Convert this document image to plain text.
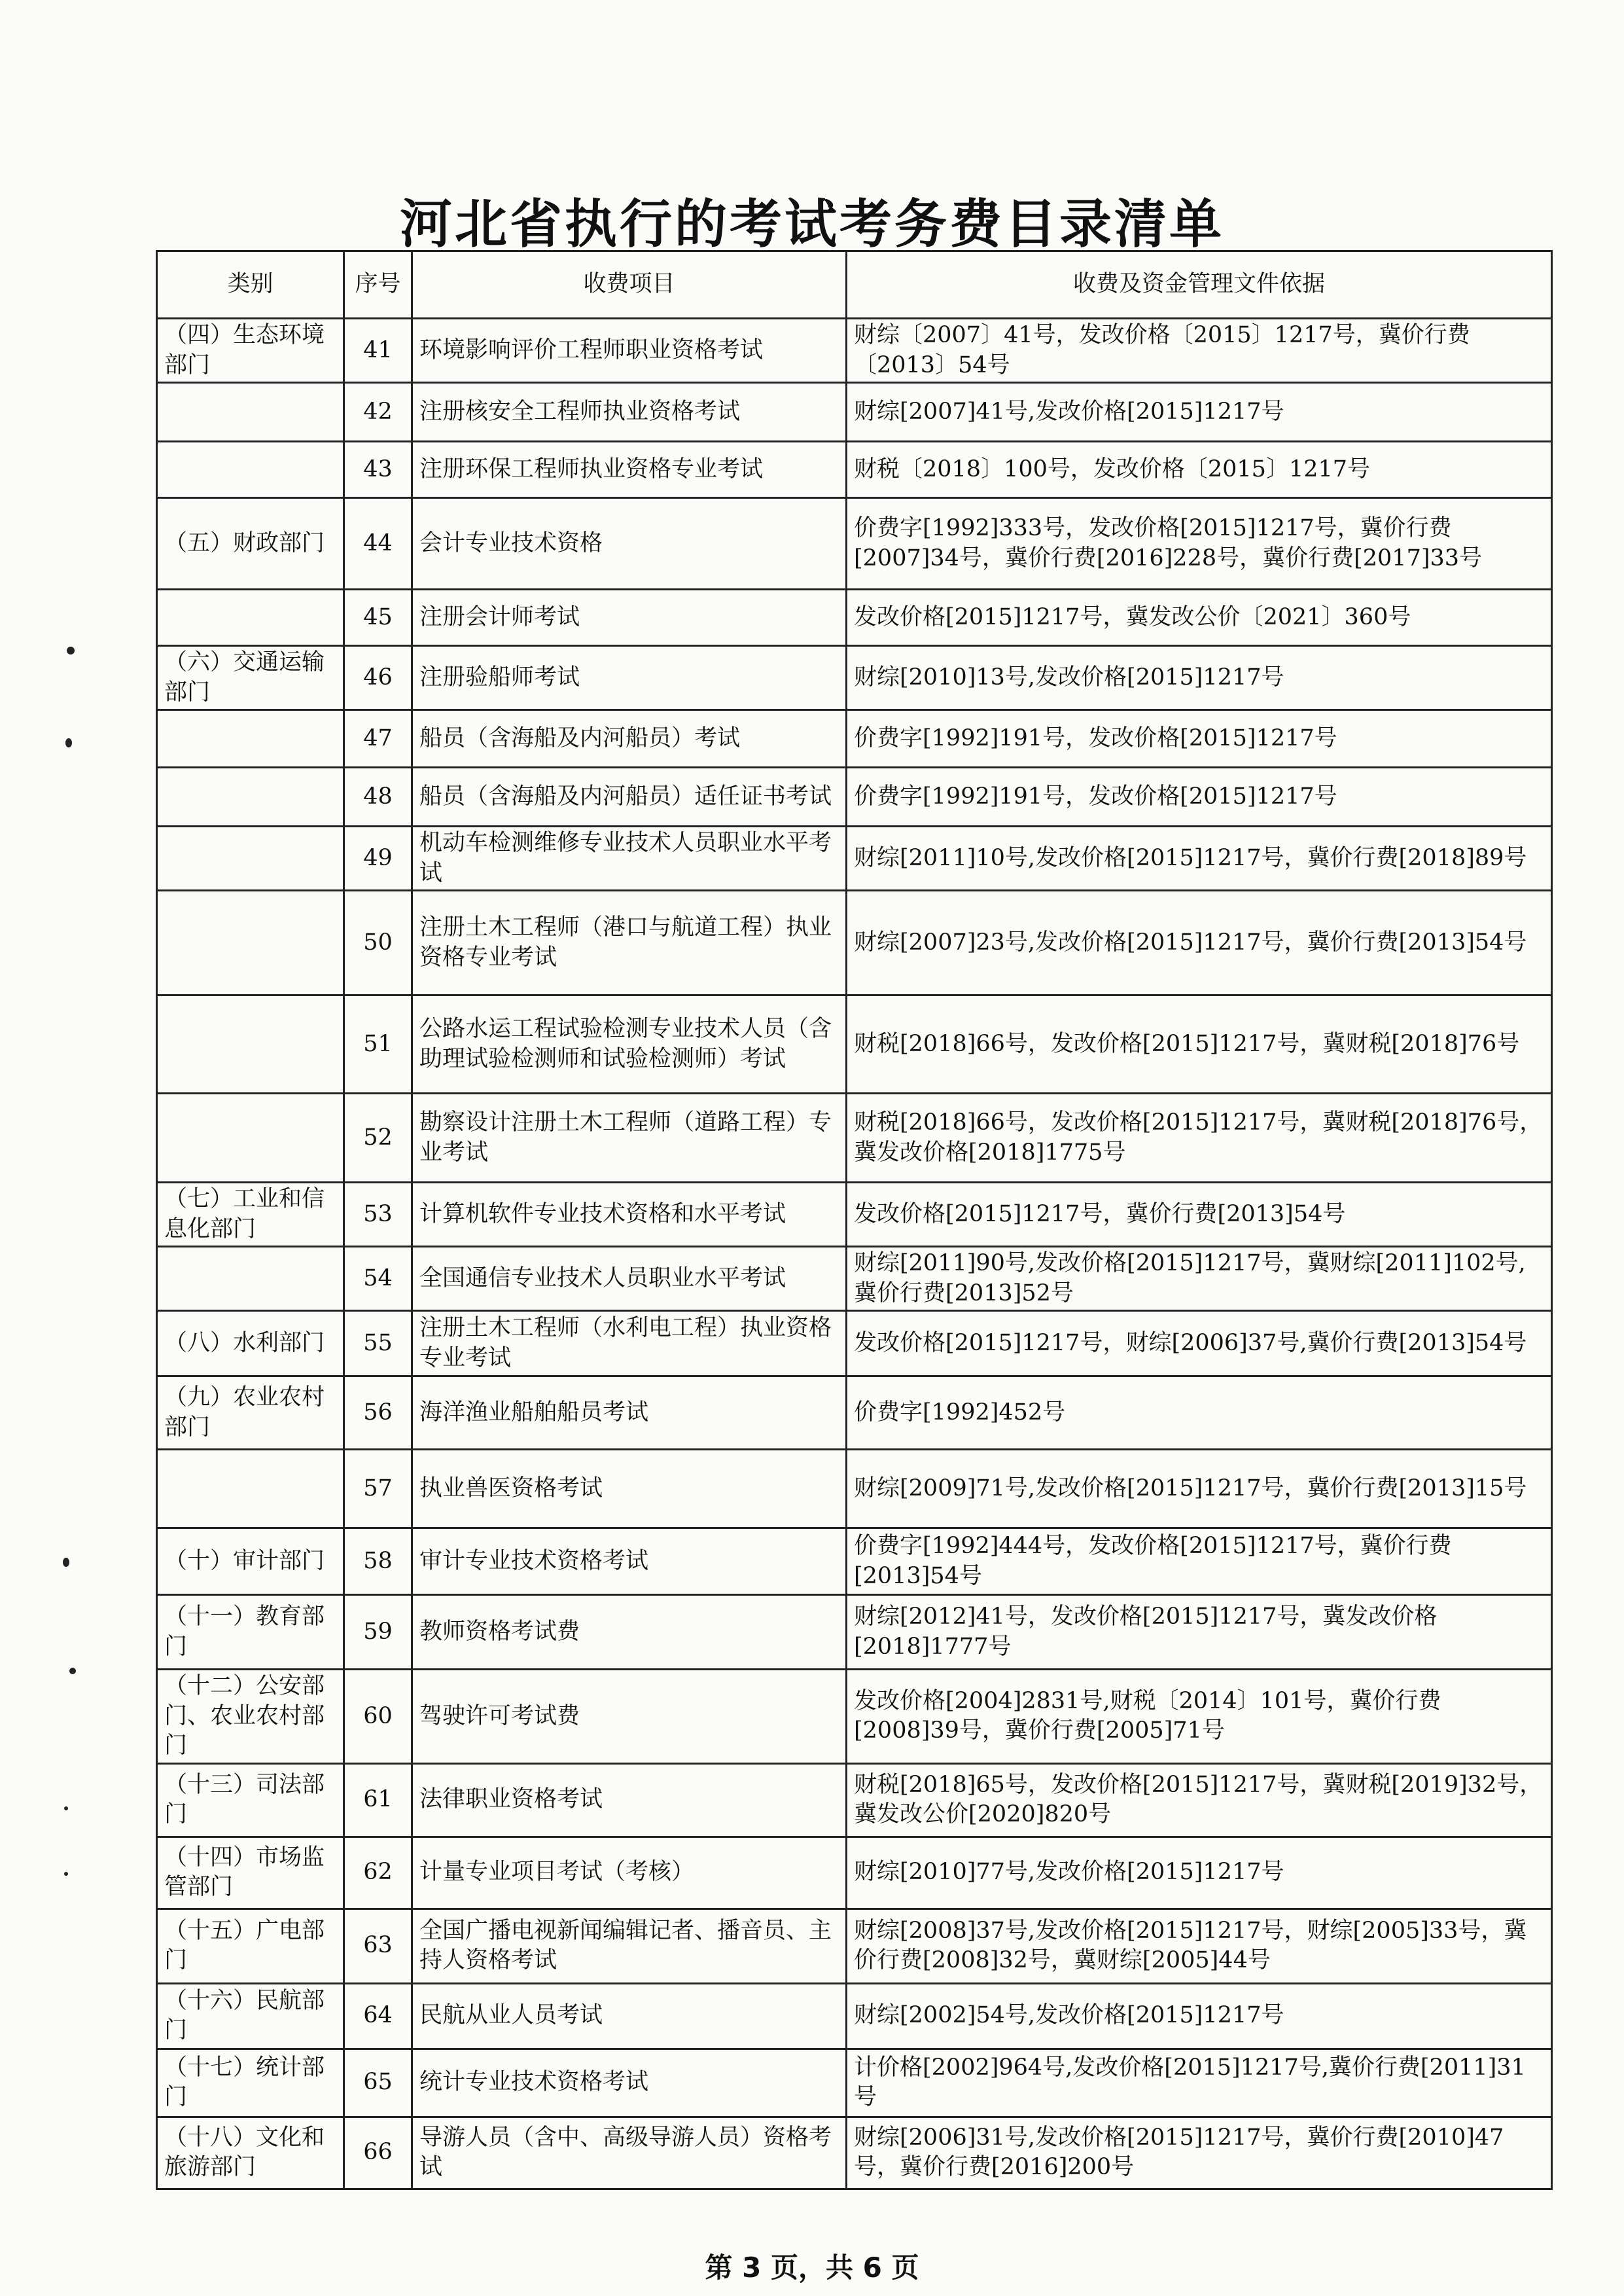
河北省执行的考试考务费目录清单
类别	序号	收费项目	收费及资金管理文件依据
（四）生态环境部门	41	环境影响评价工程师职业资格考试	财综〔2007〕41号，发改价格〔2015〕1217号，冀价行费〔2013〕54号
	42	注册核安全工程师执业资格考试	财综[2007]41号,发改价格[2015]1217号
	43	注册环保工程师执业资格专业考试	财税〔2018〕100号，发改价格〔2015〕1217号
（五）财政部门	44	会计专业技术资格	价费字[1992]333号，发改价格[2015]1217号，冀价行费[2007]34号，冀价行费[2016]228号，冀价行费[2017]33号
	45	注册会计师考试	发改价格[2015]1217号，冀发改公价〔2021〕360号
（六）交通运输部门	46	注册验船师考试	财综[2010]13号,发改价格[2015]1217号
	47	船员（含海船及内河船员）考试	价费字[1992]191号，发改价格[2015]1217号
	48	船员（含海船及内河船员）适任证书考试	价费字[1992]191号，发改价格[2015]1217号
	49	机动车检测维修专业技术人员职业水平考试	财综[2011]10号,发改价格[2015]1217号，冀价行费[2018]89号
	50	注册土木工程师（港口与航道工程）执业资格专业考试	财综[2007]23号,发改价格[2015]1217号，冀价行费[2013]54号
	51	公路水运工程试验检测专业技术人员（含助理试验检测师和试验检测师）考试	财税[2018]66号，发改价格[2015]1217号，冀财税[2018]76号
	52	勘察设计注册土木工程师（道路工程）专业考试	财税[2018]66号，发改价格[2015]1217号，冀财税[2018]76号，冀发改价格[2018]1775号
（七）工业和信息化部门	53	计算机软件专业技术资格和水平考试	发改价格[2015]1217号，冀价行费[2013]54号
	54	全国通信专业技术人员职业水平考试	财综[2011]90号,发改价格[2015]1217号，冀财综[2011]102号,冀价行费[2013]52号
（八）水利部门	55	注册土木工程师（水利电工程）执业资格专业考试	发改价格[2015]1217号，财综[2006]37号,冀价行费[2013]54号
（九）农业农村部门	56	海洋渔业船舶船员考试	价费字[1992]452号
	57	执业兽医资格考试	财综[2009]71号,发改价格[2015]1217号，冀价行费[2013]15号
（十）审计部门	58	审计专业技术资格考试	价费字[1992]444号，发改价格[2015]1217号，冀价行费[2013]54号
（十一）教育部门	59	教师资格考试费	财综[2012]41号，发改价格[2015]1217号，冀发改价格[2018]1777号
（十二）公安部门、农业农村部门	60	驾驶许可考试费	发改价格[2004]2831号,财税〔2014〕101号，冀价行费[2008]39号，冀价行费[2005]71号
（十三）司法部门	61	法律职业资格考试	财税[2018]65号，发改价格[2015]1217号，冀财税[2019]32号，冀发改公价[2020]820号
（十四）市场监管部门	62	计量专业项目考试（考核）	财综[2010]77号,发改价格[2015]1217号
（十五）广电部门	63	全国广播电视新闻编辑记者、播音员、主持人资格考试	财综[2008]37号,发改价格[2015]1217号，财综[2005]33号，冀价行费[2008]32号，冀财综[2005]44号
（十六）民航部门	64	民航从业人员考试	财综[2002]54号,发改价格[2015]1217号
（十七）统计部门	65	统计专业技术资格考试	计价格[2002]964号,发改价格[2015]1217号,冀价行费[2011]31号
（十八）文化和旅游部门	66	导游人员（含中、高级导游人员）资格考试	财综[2006]31号,发改价格[2015]1217号，冀价行费[2010]47号，冀价行费[2016]200号
第 3 页，共 6 页
